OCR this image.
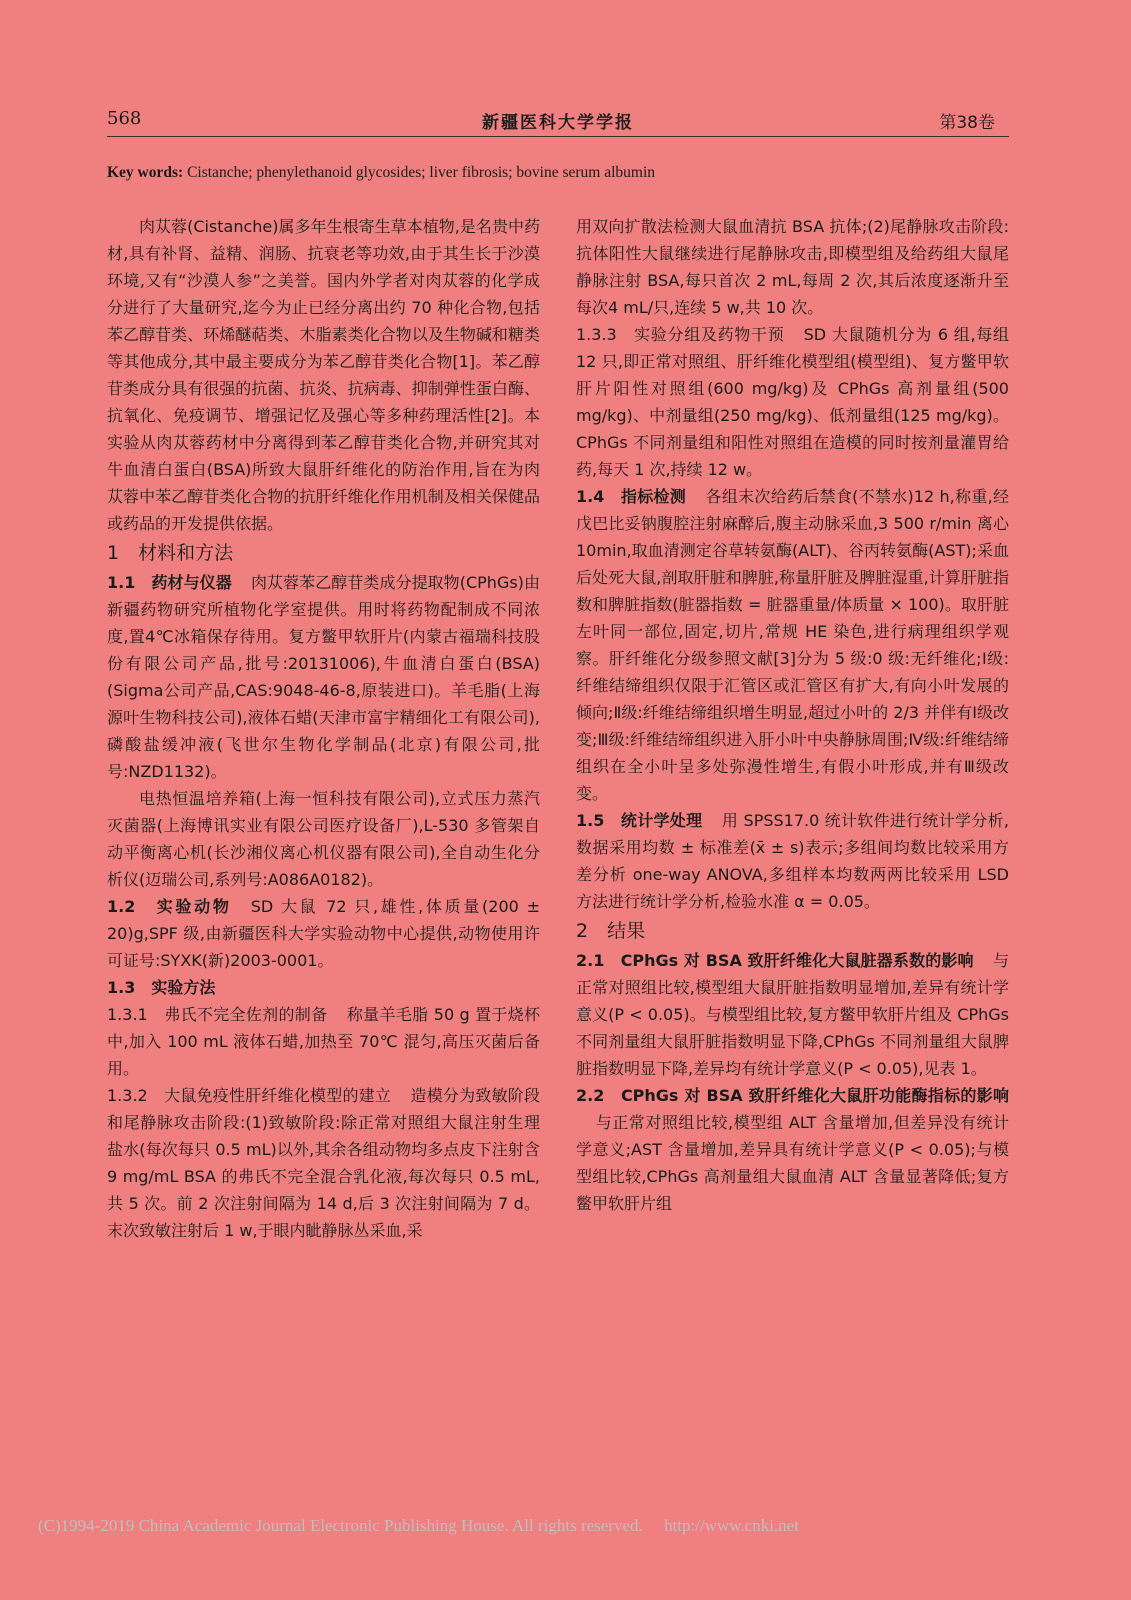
568	新疆医科大学学报	第38卷
Key words: Cistanche; phenylethanoid glycosides; liver fibrosis; bovine serum albumin

肉苁蓉(Cistanche)属多年生根寄生草本植物,是名贵中药材,具有补肾、益精、润肠、抗衰老等功效,由于其生长于沙漠环境,又有“沙漠人参”之美誉。国内外学者对肉苁蓉的化学成分进行了大量研究,迄今为止已经分离出约 70 种化合物,包括苯乙醇苷类、环烯醚萜类、木脂素类化合物以及生物碱和糖类等其他成分,其中最主要成分为苯乙醇苷类化合物[1]。苯乙醇苷类成分具有很强的抗菌、抗炎、抗病毒、抑制弹性蛋白酶、抗氧化、免疫调节、增强记忆及强心等多种药理活性[2]。本实验从肉苁蓉药材中分离得到苯乙醇苷类化合物,并研究其对牛血清白蛋白(BSA)所致大鼠肝纤维化的防治作用,旨在为肉苁蓉中苯乙醇苷类化合物的抗肝纤维化作用机制及相关保健品或药品的开发提供依据。

1　材料和方法

1.1　药材与仪器 肉苁蓉苯乙醇苷类成分提取物(CPhGs)由新疆药物研究所植物化学室提供。用时将药物配制成不同浓度,置4℃冰箱保存待用。复方鳖甲软肝片(内蒙古福瑞科技股份有限公司产品,批号:20131006),牛血清白蛋白(BSA)(Sigma公司产品,CAS:9048-46-8,原装进口)。羊毛脂(上海源叶生物科技公司),液体石蜡(天津市富宇精细化工有限公司),磷酸盐缓冲液(飞世尔生物化学制品(北京)有限公司,批号:NZD1132)。

电热恒温培养箱(上海一恒科技有限公司),立式压力蒸汽灭菌器(上海博讯实业有限公司医疗设备厂),L-530 多管架自动平衡离心机(长沙湘仪离心机仪器有限公司),全自动生化分析仪(迈瑞公司,系列号:A086A0182)。

1.2　实验动物 SD 大鼠 72 只,雄性,体质量(200 ± 20)g,SPF 级,由新疆医科大学实验动物中心提供,动物使用许可证号:SYXK(新)2003-0001。

1.3　实验方法

1.3.1　弗氏不完全佐剂的制备 称量羊毛脂 50 g 置于烧杯中,加入 100 mL 液体石蜡,加热至 70℃ 混匀,高压灭菌后备用。

1.3.2　大鼠免疫性肝纤维化模型的建立 造模分为致敏阶段和尾静脉攻击阶段:(1)致敏阶段:除正常对照组大鼠注射生理盐水(每次每只 0.5 mL)以外,其余各组动物均多点皮下注射含 9 mg/mL BSA 的弗氏不完全混合乳化液,每次每只 0.5 mL,共 5 次。前 2 次注射间隔为 14 d,后 3 次注射间隔为 7 d。末次致敏注射后 1 w,于眼内眦静脉丛采血,采

用双向扩散法检测大鼠血清抗 BSA 抗体;(2)尾静脉攻击阶段:抗体阳性大鼠继续进行尾静脉攻击,即模型组及给药组大鼠尾静脉注射 BSA,每只首次 2 mL,每周 2 次,其后浓度逐渐升至每次4 mL/只,连续 5 w,共 10 次。

1.3.3　实验分组及药物干预 SD 大鼠随机分为 6 组,每组 12 只,即正常对照组、肝纤维化模型组(模型组)、复方鳖甲软肝片阳性对照组(600 mg/kg)及 CPhGs 高剂量组(500 mg/kg)、中剂量组(250 mg/kg)、低剂量组(125 mg/kg)。CPhGs 不同剂量组和阳性对照组在造模的同时按剂量灌胃给药,每天 1 次,持续 12 w。

1.4　指标检测 各组末次给药后禁食(不禁水)12 h,称重,经戊巴比妥钠腹腔注射麻醉后,腹主动脉采血,3 500 r/min 离心 10min,取血清测定谷草转氨酶(ALT)、谷丙转氨酶(AST);采血后处死大鼠,剖取肝脏和脾脏,称量肝脏及脾脏湿重,计算肝脏指数和脾脏指数(脏器指数 = 脏器重量/体质量 × 100)。取肝脏左叶同一部位,固定,切片,常规 HE 染色,进行病理组织学观察。肝纤维化分级参照文献[3]分为 5 级:0 级:无纤维化;Ⅰ级:纤维结缔组织仅限于汇管区或汇管区有扩大,有向小叶发展的倾向;Ⅱ级:纤维结缔组织增生明显,超过小叶的 2/3 并伴有Ⅰ级改变;Ⅲ级:纤维结缔组织进入肝小叶中央静脉周围;Ⅳ级:纤维结缔组织在全小叶呈多处弥漫性增生,有假小叶形成,并有Ⅲ级改变。

1.5　统计学处理 用 SPSS17.0 统计软件进行统计学分析,数据采用均数 ± 标准差(x̄ ± s)表示;多组间均数比较采用方差分析 one-way ANOVA,多组样本均数两两比较采用 LSD 方法进行统计学分析,检验水准 α = 0.05。

2　结果

2.1　CPhGs 对 BSA 致肝纤维化大鼠脏器系数的影响 与正常对照组比较,模型组大鼠肝脏指数明显增加,差异有统计学意义(P < 0.05)。与模型组比较,复方鳖甲软肝片组及 CPhGs 不同剂量组大鼠肝脏指数明显下降,CPhGs 不同剂量组大鼠脾脏指数明显下降,差异均有统计学意义(P < 0.05),见表 1。

2.2　CPhGs 对 BSA 致肝纤维化大鼠肝功能酶指标的影响与正常对照组比较,模型组 ALT 含量增加,但差异没有统计学意义;AST 含量增加,差异具有统计学意义(P < 0.05);与模型组比较,CPhGs 高剂量组大鼠血清 ALT 含量显著降低;复方鳖甲软肝片组

(C)1994-2019 China Academic Journal Electronic Publishing House. All rights reserved. http://www.cnki.net
